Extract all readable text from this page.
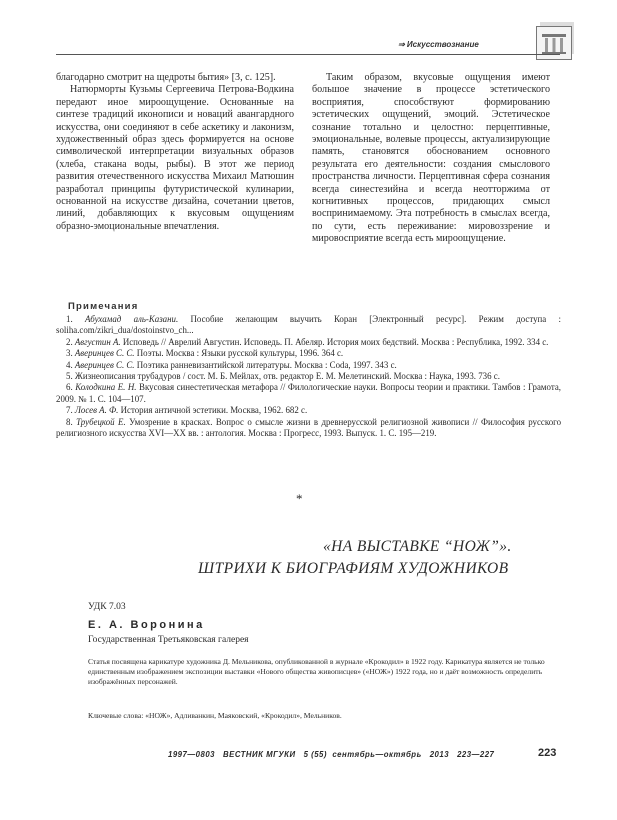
⇒ Искусствознание

благодарно смотрит на щедроты бытия» [3, с. 125].

Натюрморты Кузьмы Сергеевича Петрова-Водкина передают иное мироощущение. Основанные на синтезе традиций иконописи и новаций авангардного искусства, они соединяют в себе аскетику и лаконизм, художественный образ здесь формируется на основе символической интерпретации визуальных образов (хлеба, стакана воды, рыбы). В этот же период развития отечественного искусства Михаил Матюшин разработал принципы футуристической кулинарии, основанной на искусстве дизайна, сочетании цветов, линий, добавляющих к вкусовым ощущениям образно-эмоциональные впечатления.

Таким образом, вкусовые ощущения имеют большое значение в процессе эстетического восприятия, способствуют формированию эстетических ощущений, эмоций. Эстетическое сознание тотально и целостно: перцептивные, эмоциональные, волевые процессы, актуализирующие память, становятся обоснованием основного результата его деятельности: создания смыслового пространства личности. Перцептивная сфера сознания всегда синестезийна и всегда неотторжима от когнитивных процессов, придающих смысл воспринимаемому. Эта потребность в смыслах всегда, по сути, есть переживание: мировоззрение и мировосприятие всегда есть мироощущение.

Примечания
1. Абухамад аль-Казани. Пособие желающим выучить Коран [Электронный ресурс]. Режим доступа : soliha.com/zikri_dua/dostoinstvo_ch...
2. Августин А. Исповедь // Аврелий Августин. Исповедь. П. Абеляр. История моих бедствий. Москва : Республика, 1992. 334 с.
3. Аверинцев С. С. Поэты. Москва : Языки русской культуры, 1996. 364 с.
4. Аверинцев С. С. Поэтика ранневизантийской литературы. Москва : Coda, 1997. 343 с.
5. Жизнеописания трубадуров / сост. М. Б. Мейлах, отв. редактор Е. М. Мелетинский. Москва : Наука, 1993. 736 с.
6. Колодкина Е. Н. Вкусовая синестетическая метафора // Филологические науки. Вопросы теории и практики. Тамбов : Грамота, 2009. № 1. С. 104—107.
7. Лосев А. Ф. История античной эстетики. Москва, 1962. 682 с.
8. Трубецкой Е. Умозрение в красках. Вопрос о смысле жизни в древнерусской религиозной живописи // Философия русского религиозного искусства XVI—XX вв. : антология. Москва : Прогресс, 1993. Выпуск. 1. С. 195—219.
*
«НА ВЫСТАВКЕ “НОЖ”».
ШТРИХИ К БИОГРАФИЯМ ХУДОЖНИКОВ
УДК 7.03
Е. А. Воронина
Государственная Третьяковская галерея

Статья посвящена карикатуре художника Д. Мельникова, опубликованной в журнале «Крокодил» в 1922 году. Карикатура является не только единственным изображением экспозиции выставки «Нового общества живописцев» («НОЖ») 1922 года, но и даёт возможность определить изображённых персонажей.

Ключевые слова: «НОЖ», Адливанкин, Маяковский, «Крокодил», Мельников.

1997—0803 ВЕСТНИК МГУКИ 5 (55) сентябрь—октябрь 2013 223—227	223
